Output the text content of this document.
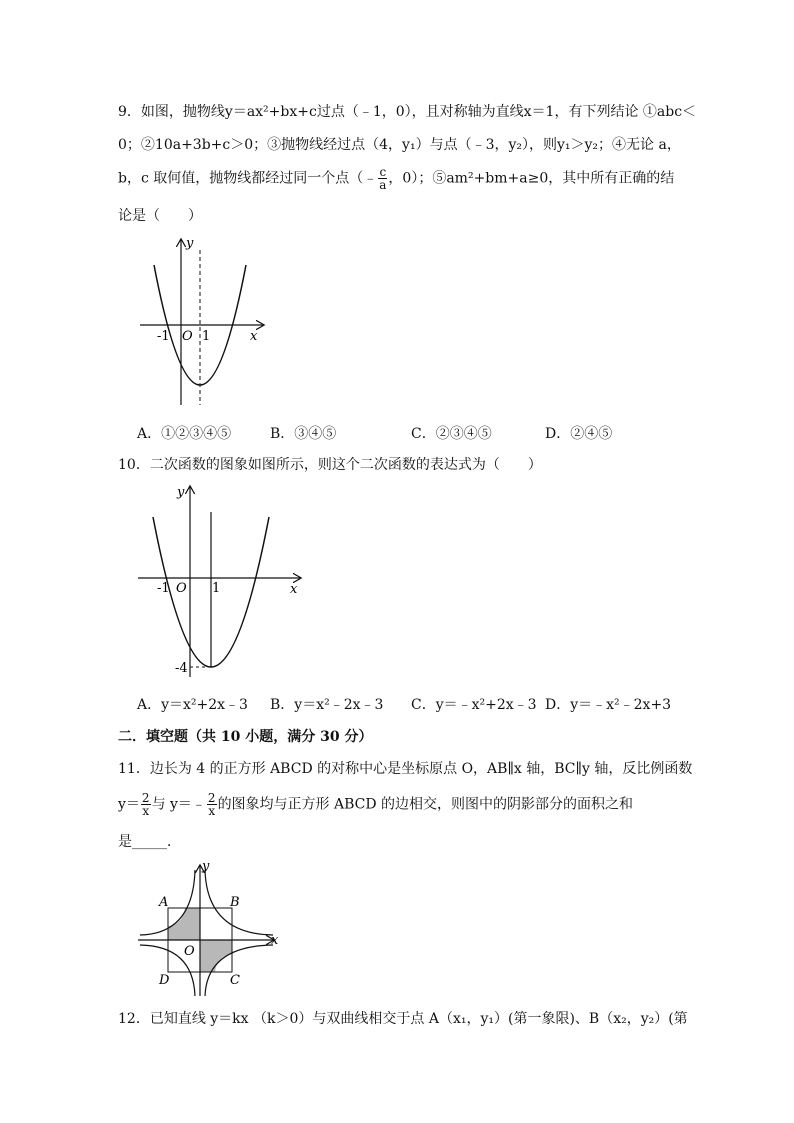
9．如图，抛物线y＝ax²+bx+c过点（﹣1，0），且对称轴为直线x＝1，有下列结论 ①abc＜
0；②10a+3b+c＞0；③抛物线经过点（4，y₁）与点（﹣3，y₂），则y₁＞y₂；④无论 a，
b，c 取何值，抛物线都经过同一个点（﹣ $\frac{c}{a}$ ，0）；⑤am²+bm+a≥0，其中所有正确的结
论是（　　）
y
x
O
-1 1
A．①②③④⑤	B．③④⑤	C．②③④⑤	D．②④⑤
10．二次函数的图象如图所示，则这个二次函数的表达式为（　　）
y
x
O
-1	1
-4
A．y＝x²+2x﹣3 B．y＝x²﹣2x﹣3 C．y＝﹣x²+2x﹣3 D．y＝﹣x²﹣2x+3
二．填空题（共 10 小题，满分 30 分）
11．边长为 4 的正方形 ABCD 的对称中心是坐标原点 O，AB∥x 轴，BC∥y 轴，反比例函数
$y= \frac{2}{x}$ 与 y＝﹣ $\frac{2}{x}$ 的图象均与正方形 ABCD 的边相交，则图中的阴影部分的面积之和
是_____．
y
x
O
A	B
C
D
12．已知直线 y＝kx （k＞0）与双曲线相交于点 A（x₁，y₁）(第一象限)、B（x₂，y₂）(第
